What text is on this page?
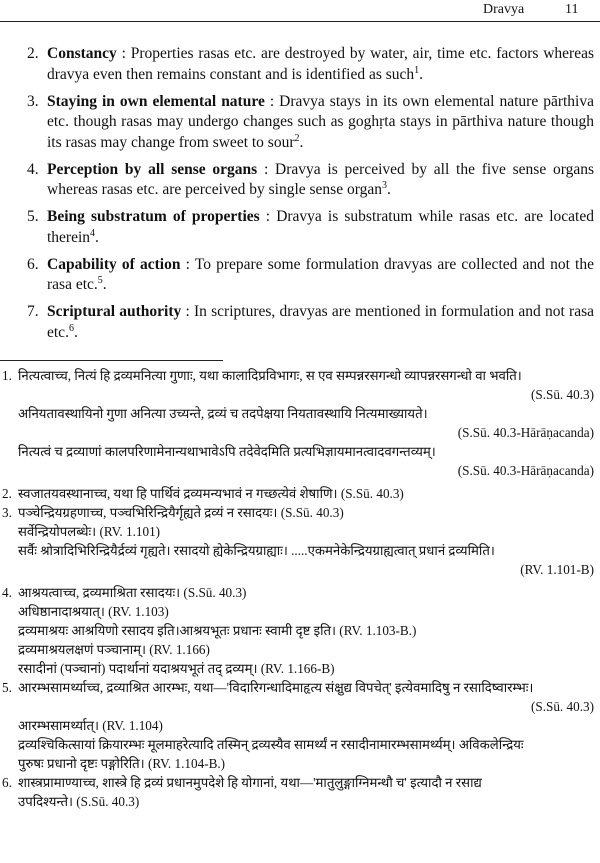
Dravya	11
2. Constancy : Properties rasas etc. are destroyed by water, air, time etc. factors whereas dravya even then remains constant and is identified as such$^1$.
3. Staying in own elemental nature : Dravya stays in its own elemental nature pārthiva etc. though rasas may undergo changes such as goghṛta stays in pārthiva nature though its rasas may change from sweet to sour$^2$.
4. Perception by all sense organs : Dravya is perceived by all the five sense organs whereas rasas etc. are perceived by single sense organ$^3$.
5. Being substratum of properties : Dravya is substratum while rasas etc. are located therein$^4$.
6. Capability of action : To prepare some formulation dravyas are collected and not the rasa etc.$^5$.
7. Scriptural authority : In scriptures, dravyas are mentioned in formulation and not rasa etc.$^6$.
1. नित्यत्वाच्च, नित्यं हि द्रव्यमनित्या गुणाः, यथा कालादिप्रविभागः, स एव सम्पन्नरसगन्धो व्यापन्नरसगन्धो वा भवति।
(S.Sū. 40.3)
अनियतावस्थायिनो गुणा अनित्या उच्यन्ते, द्रव्यं च तदपेक्षया नियतावस्थायि नित्यमाख्यायते।
(S.Sū. 40.3-Hārāṇacanda)
नित्यत्वं च द्रव्याणां कालपरिणामेनान्यथाभावेऽपि तदेवेदमिति प्रत्यभिज्ञायमानत्वादवगन्तव्यम्।
(S.Sū. 40.3-Hārāṇacanda)
2. स्वजातयवस्थानाच्च, यथा हि पार्थिवं द्रव्यमन्यभावं न गच्छत्येवं शेषाणि। (S.Sū. 40.3)
3. पञ्चेन्द्रियग्रहणाच्च, पञ्चभिरिन्द्रियैर्गृह्यते द्रव्यं न रसादयः। (S.Sū. 40.3)
सर्वेन्द्रियोपलब्धेः। (RV. 1.101)
सर्वैः श्रोत्रादिभिरिन्द्रियैर्द्रव्यं गृह्यते। रसादयो ह्येकेन्द्रियग्राह्याः। .....एकमनेकेन्द्रियग्राह्यत्वात् प्रधानं द्रव्यमिति।
(RV. 1.101-B)
4. आश्रयत्वाच्च, द्रव्यमाश्रिता रसादयः। (S.Sū. 40.3)
अधिष्ठानादाश्रयात्। (RV. 1.103)
द्रव्यमाश्रयः आश्रयिणो रसादय इति।आश्रयभूतः प्रधानः स्वामी दृष्ट इति। (RV. 1.103-B.)
द्रव्यमाश्रयलक्षणं पञ्चानाम्। (RV. 1.166)
रसादीनां (पञ्चानां) पदार्थानां यदाश्रयभूतं तद् द्रव्यम्। (RV. 1.166-B)
5. आरम्भसामर्थ्याच्च, द्रव्याश्रित आरम्भः, यथा—'विदारिगन्धादिमाहृत्य संक्षुद्य विपचेत्' इत्येवमादिषु न रसादिष्वारम्भः।
(S.Sū. 40.3)
आरम्भसामर्थ्यात्। (RV. 1.104)
द्रव्यश्चिकित्सायां क्रियारम्भः मूलमाहरेत्यादि तस्मिन् द्रव्यस्यैव सामर्थ्यं न रसादीनामारम्भसामर्थ्यम्। अविकलेन्द्रियः
पुरुषः प्रधानो दृष्टः पङ्गोरिति। (RV. 1.104-B.)
6. शास्त्रप्रामाण्याच्च, शास्त्रे हि द्रव्यं प्रधानमुपदेशे हि योगानां, यथा—'मातुलुङ्गाग्निमन्थौ च' इत्यादौ न रसाद्य
उपदिश्यन्ते। (S.Sū. 40.3)
